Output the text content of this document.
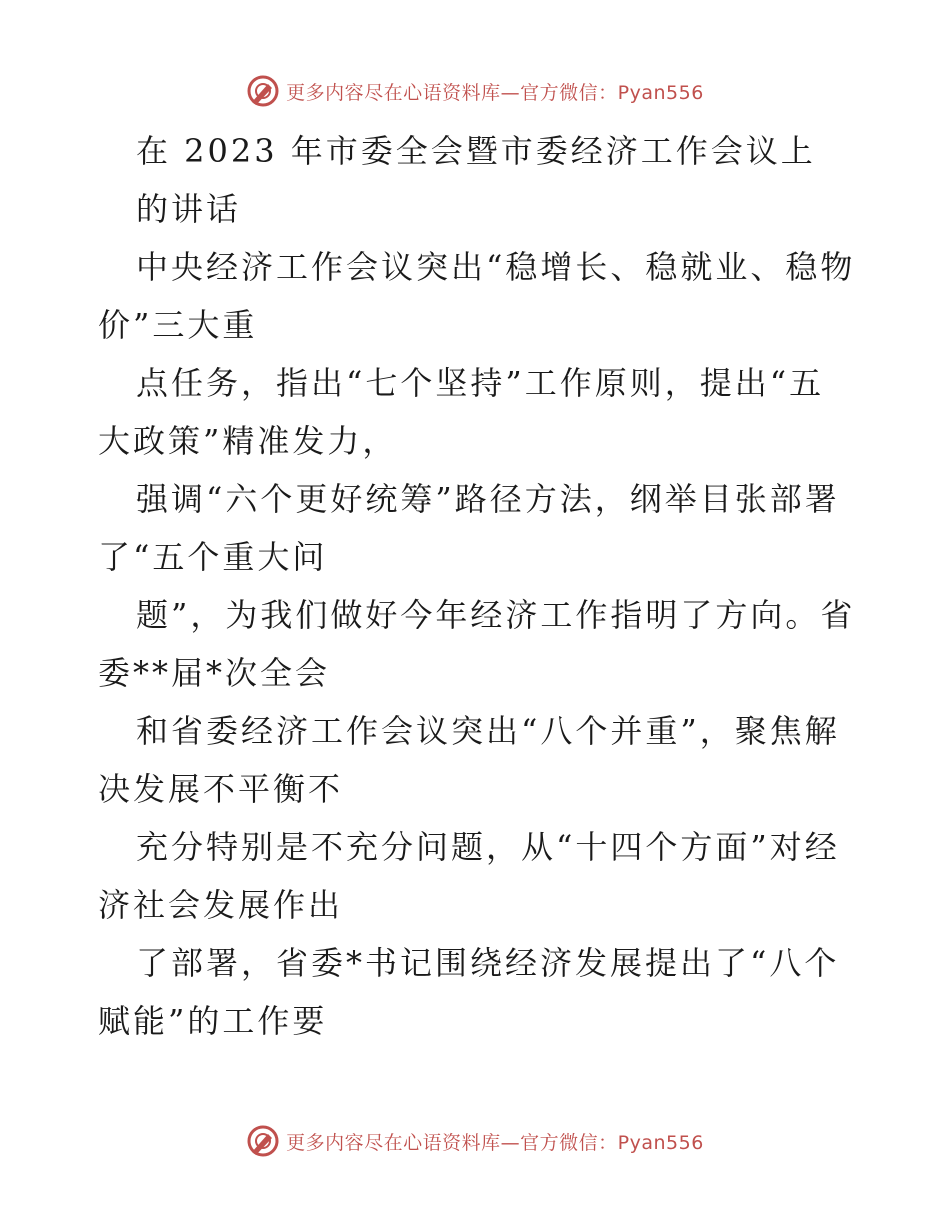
更多内容尽在心语资料库—官方微信：Pyan556
在 2023 年市委全会暨市委经济工作会议上
的讲话
中央经济工作会议突出“稳增长、稳就业、稳物
价”三大重
点任务，指出“七个坚持”工作原则，提出“五
大政策”精准发力，
强调“六个更好统筹”路径方法，纲举目张部署
了“五个重大问
题”，为我们做好今年经济工作指明了方向。省
委**届*次全会
和省委经济工作会议突出“八个并重”，聚焦解
决发展不平衡不
充分特别是不充分问题，从“十四个方面”对经
济社会发展作出
了部署，省委*书记围绕经济发展提出了“八个
赋能”的工作要
更多内容尽在心语资料库—官方微信：Pyan556
